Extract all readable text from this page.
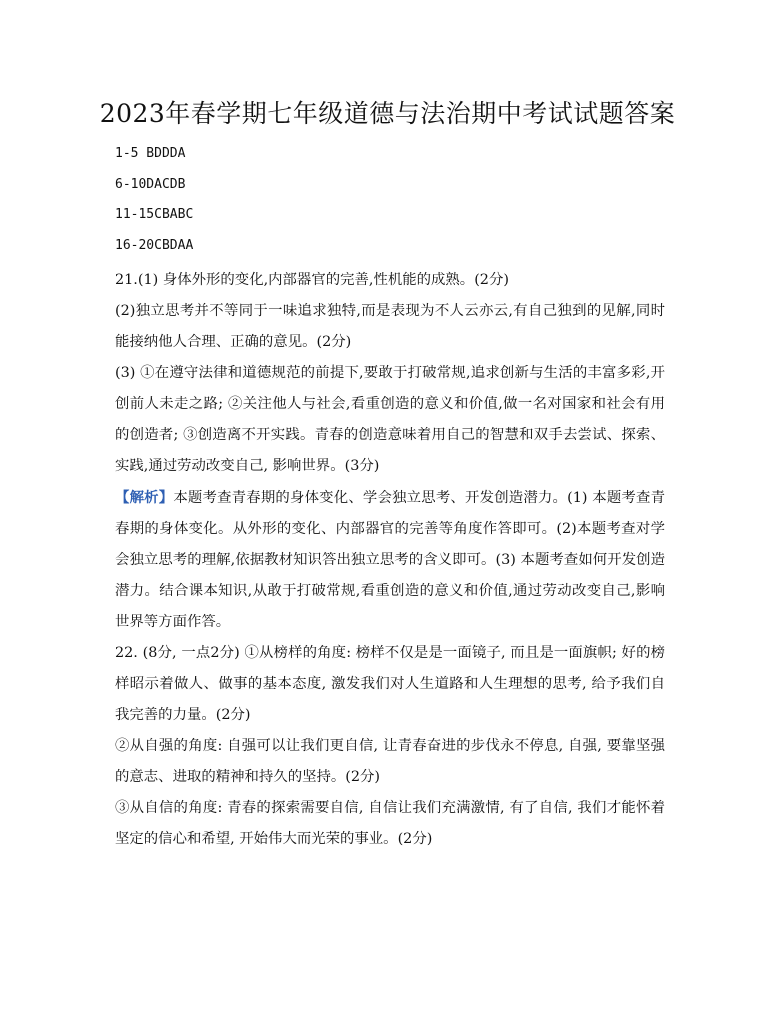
2023年春学期七年级道德与法治期中考试试题答案
1-5 BDDDA
6-10DACDB
11-15CBABC
16-20CBDAA
21.(1) 身体外形的变化,内部器官的完善,性机能的成熟。(2分)
(2)独立思考并不等同于一味追求独特,而是表现为不人云亦云,有自己独到的见解,同时能接纳他人合理、正确的意见。(2分)
(3) ①在遵守法律和道德规范的前提下,要敢于打破常规,追求创新与生活的丰富多彩,开创前人未走之路; ②关注他人与社会,看重创造的意义和价值,做一名对国家和社会有用的创造者; ③创造离不开实践。青春的创造意味着用自己的智慧和双手去尝试、探索、实践,通过劳动改变自己, 影响世界。(3分)
【解析】本题考查青春期的身体变化、学会独立思考、开发创造潜力。(1) 本题考查青春期的身体变化。从外形的变化、内部器官的完善等角度作答即可。(2)本题考查对学会独立思考的理解,依据教材知识答出独立思考的含义即可。(3) 本题考查如何开发创造潜力。结合课本知识,从敢于打破常规,看重创造的意义和价值,通过劳动改变自己,影响世界等方面作答。
22. (8分, 一点2分) ①从榜样的角度: 榜样不仅是是一面镜子, 而且是一面旗帜; 好的榜样昭示着做人、做事的基本态度, 激发我们对人生道路和人生理想的思考, 给予我们自我完善的力量。(2分)
②从自强的角度: 自强可以让我们更自信, 让青春奋进的步伐永不停息, 自强, 要靠坚强的意志、进取的精神和持久的坚持。(2分)
③从自信的角度: 青春的探索需要自信, 自信让我们充满激情, 有了自信, 我们才能怀着坚定的信心和希望, 开始伟大而光荣的事业。(2分)
